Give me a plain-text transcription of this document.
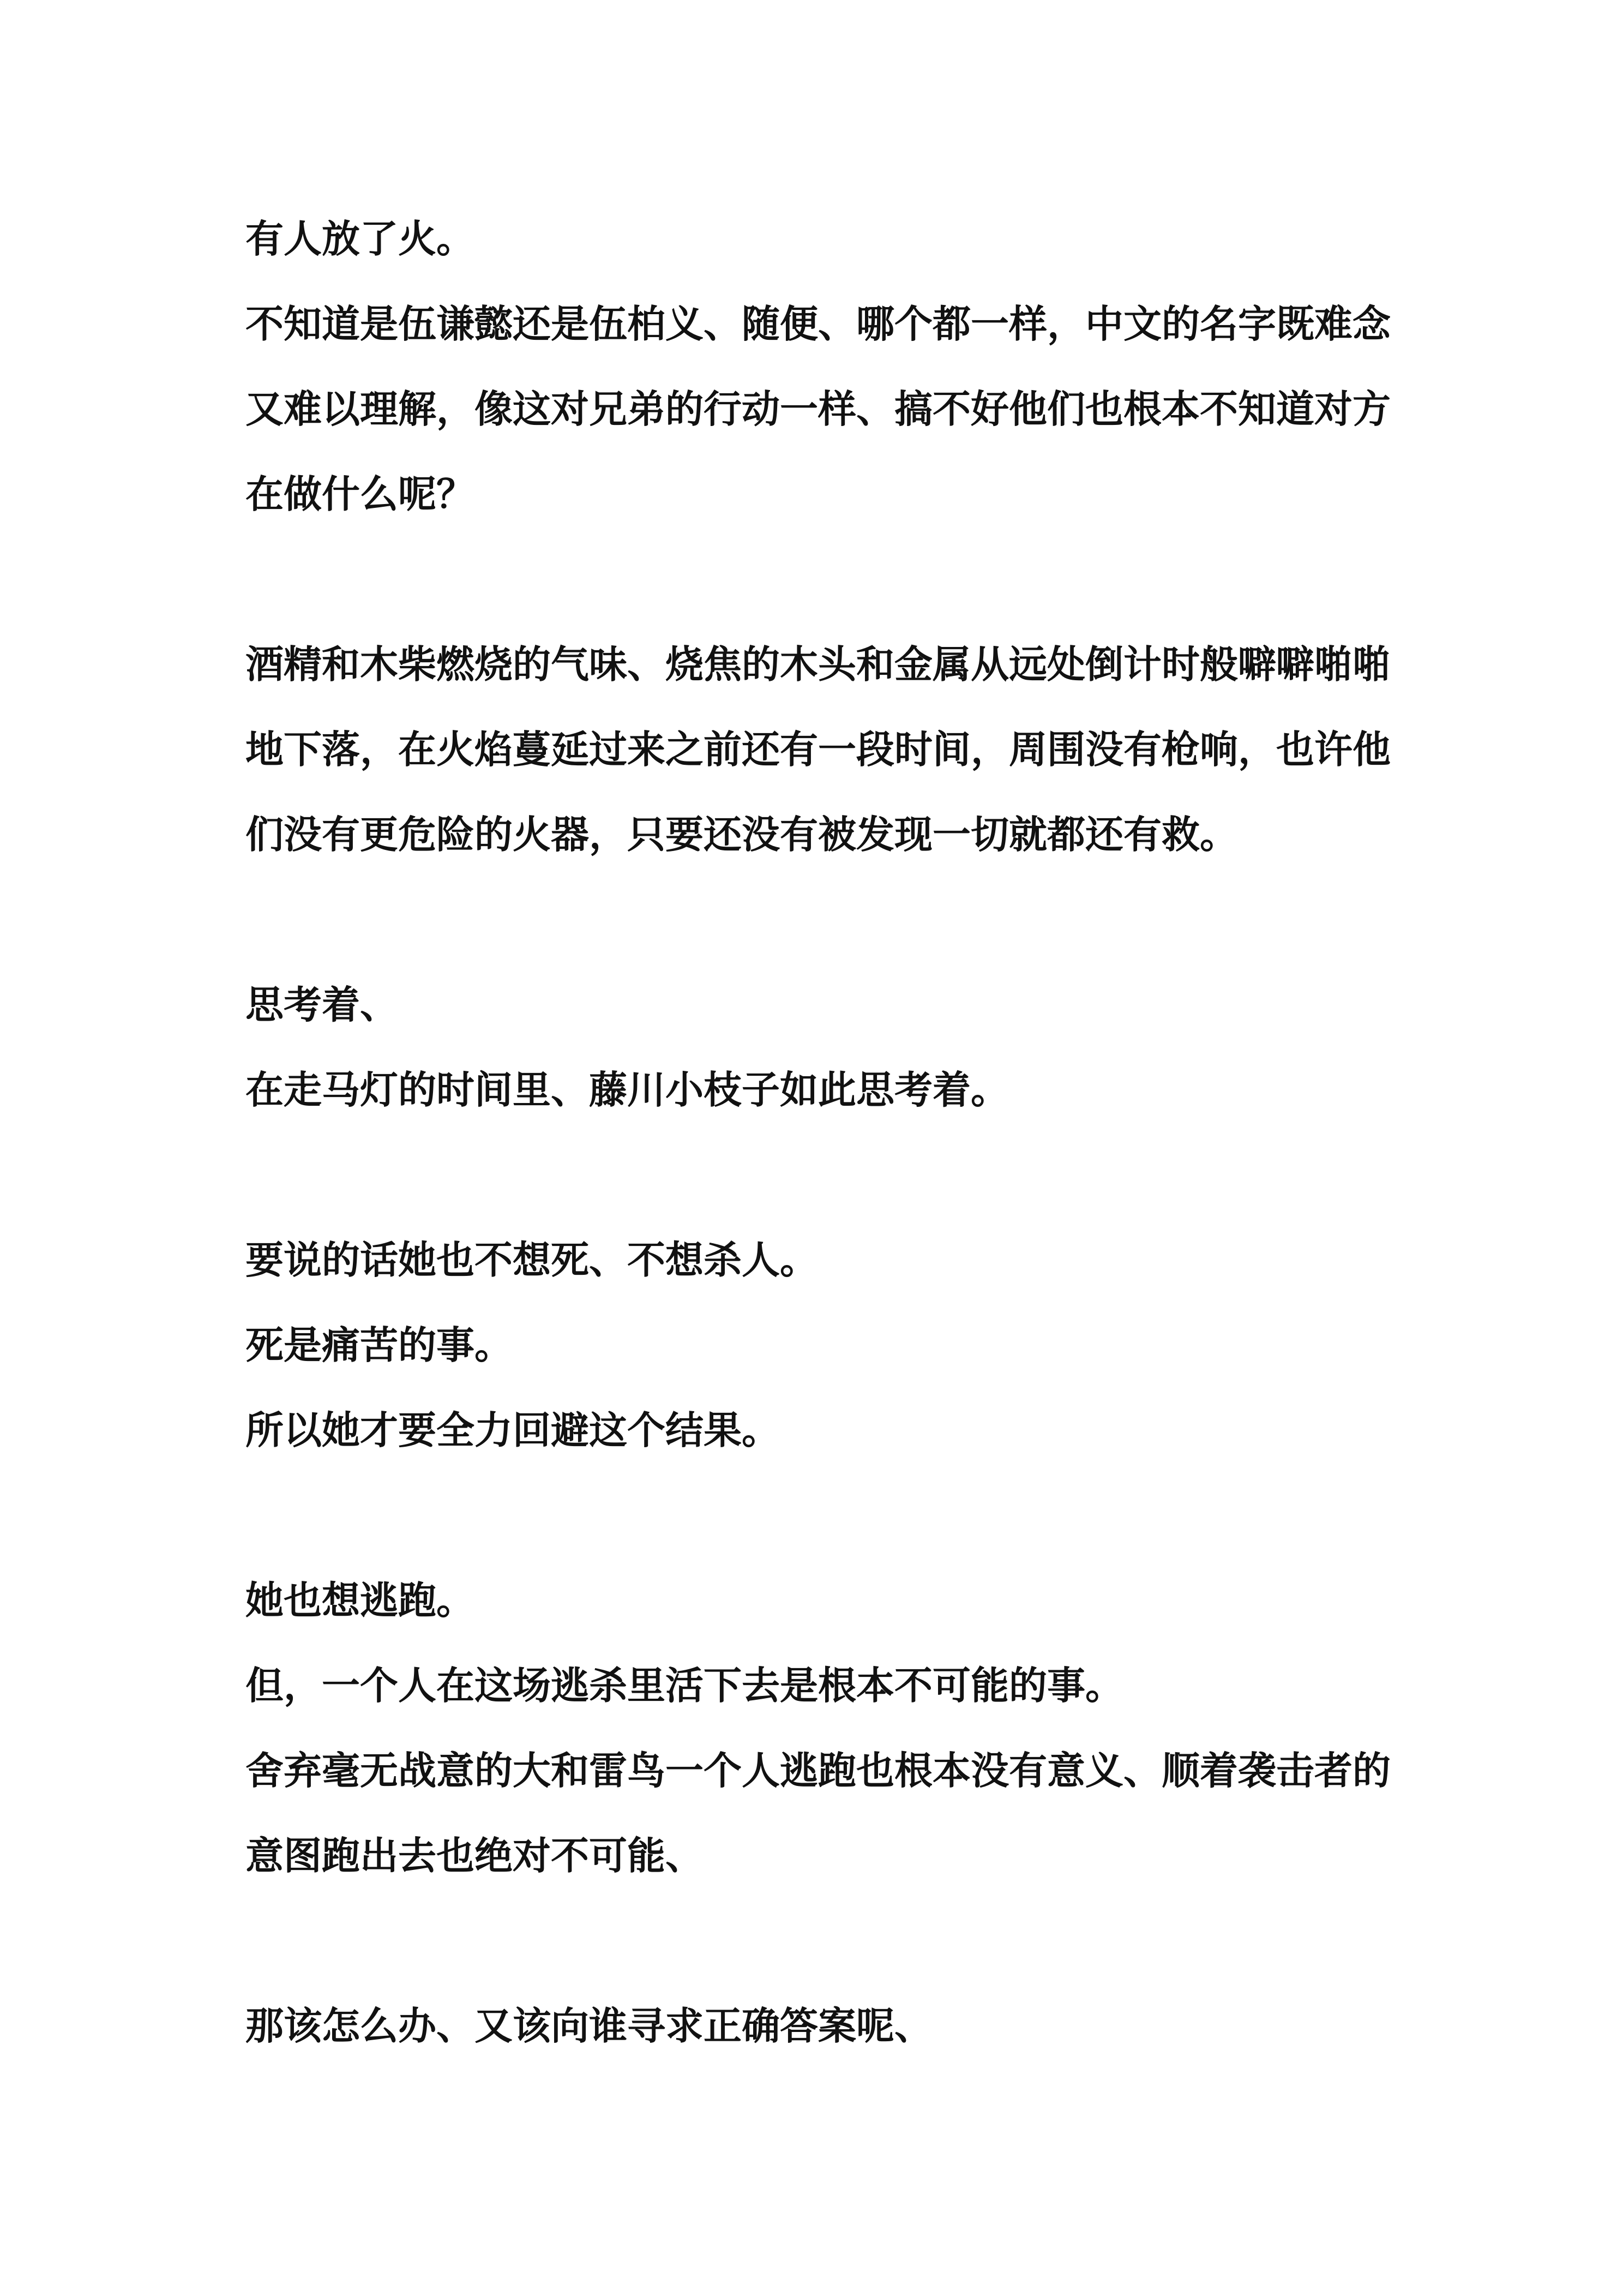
有人放了火。
不知道是伍谦懿还是伍柏义、随便、哪个都一样，中文的名字既难念
又难以理解，像这对兄弟的行动一样、搞不好他们也根本不知道对方
在做什么呢？
酒精和木柴燃烧的气味、烧焦的木头和金属从远处倒计时般噼噼啪啪
地下落，在火焰蔓延过来之前还有一段时间，周围没有枪响，也许他
们没有更危险的火器，只要还没有被发现一切就都还有救。
思考着、
在走马灯的时间里、藤川小枝子如此思考着。
要说的话她也不想死、不想杀人。
死是痛苦的事。
所以她才要全力回避这个结果。
她也想逃跑。
但，一个人在这场逃杀里活下去是根本不可能的事。
舍弃毫无战意的大和雷鸟一个人逃跑也根本没有意义、顺着袭击者的
意图跑出去也绝对不可能、
那该怎么办、又该向谁寻求正确答案呢、
